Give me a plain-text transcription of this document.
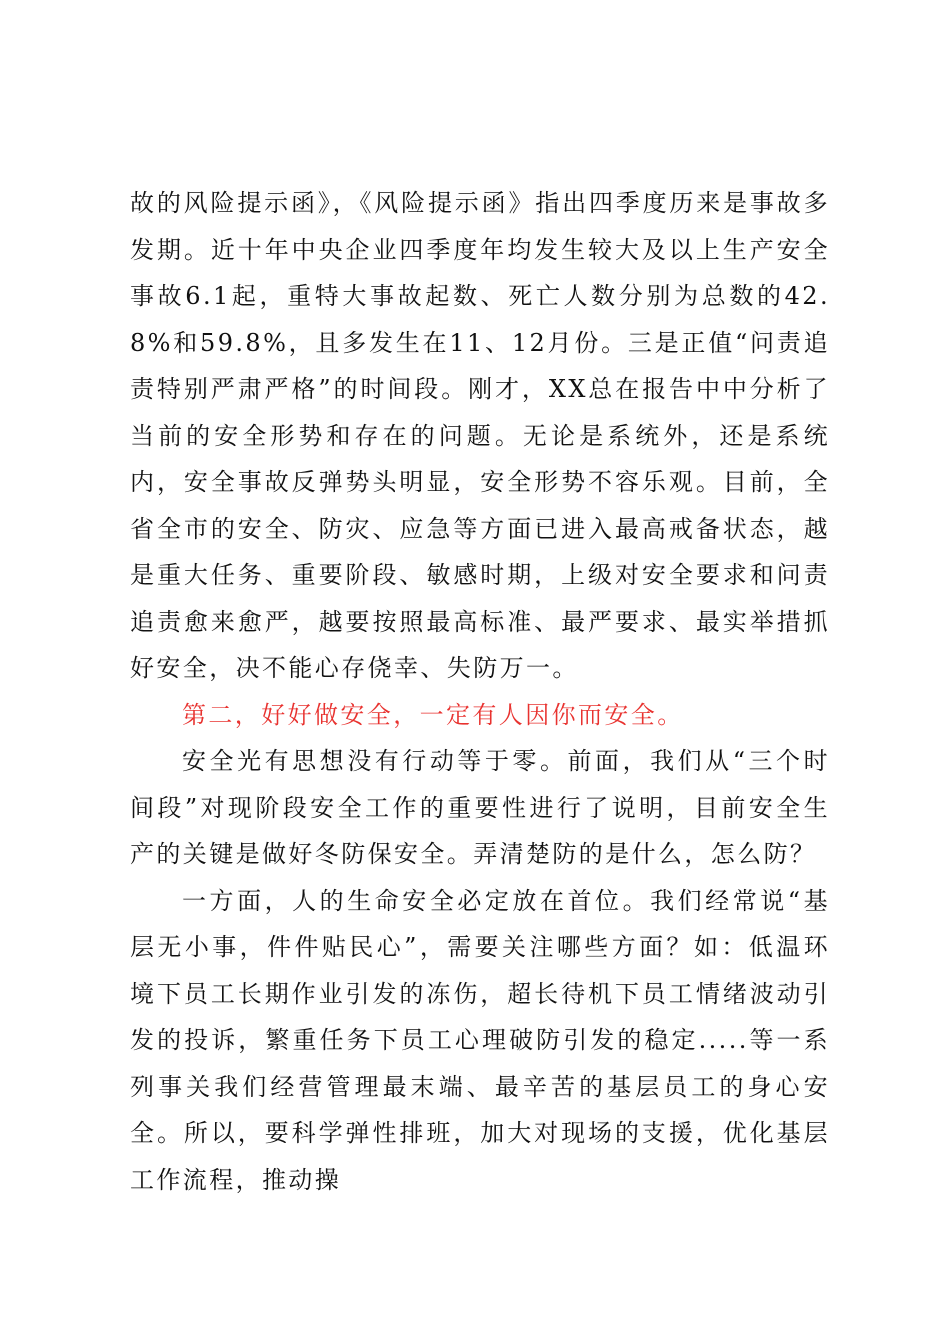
故的风险提示函》，《风险提示函》指出四季度历来是事故多发期。近十年中央企业四季度年均发生较大及以上生产安全事故6.1起，重特大事故起数、死亡人数分别为总数的42.8%和59.8%，且多发生在11、12月份。三是正值“问责追责特别严肃严格”的时间段。刚才，XX总在报告中中分析了当前的安全形势和存在的问题。无论是系统外，还是系统内，安全事故反弹势头明显，安全形势不容乐观。目前，全省全市的安全、防灾、应急等方面已进入最高戒备状态，越是重大任务、重要阶段、敏感时期，上级对安全要求和问责追责愈来愈严，越要按照最高标准、最严要求、最实举措抓好安全，决不能心存侥幸、失防万一。

第二，好好做安全，一定有人因你而安全。

安全光有思想没有行动等于零。前面，我们从“三个时间段”对现阶段安全工作的重要性进行了说明，目前安全生产的关键是做好冬防保安全。弄清楚防的是什么，怎么防？

一方面，人的生命安全必定放在首位。我们经常说“基层无小事，件件贴民心”，需要关注哪些方面？如：低温环境下员工长期作业引发的冻伤，超长待机下员工情绪波动引发的投诉，繁重任务下员工心理破防引发的稳定.....等一系列事关我们经营管理最末端、最辛苦的基层员工的身心安全。所以，要科学弹性排班，加大对现场的支援，优化基层工作流程，推动操
